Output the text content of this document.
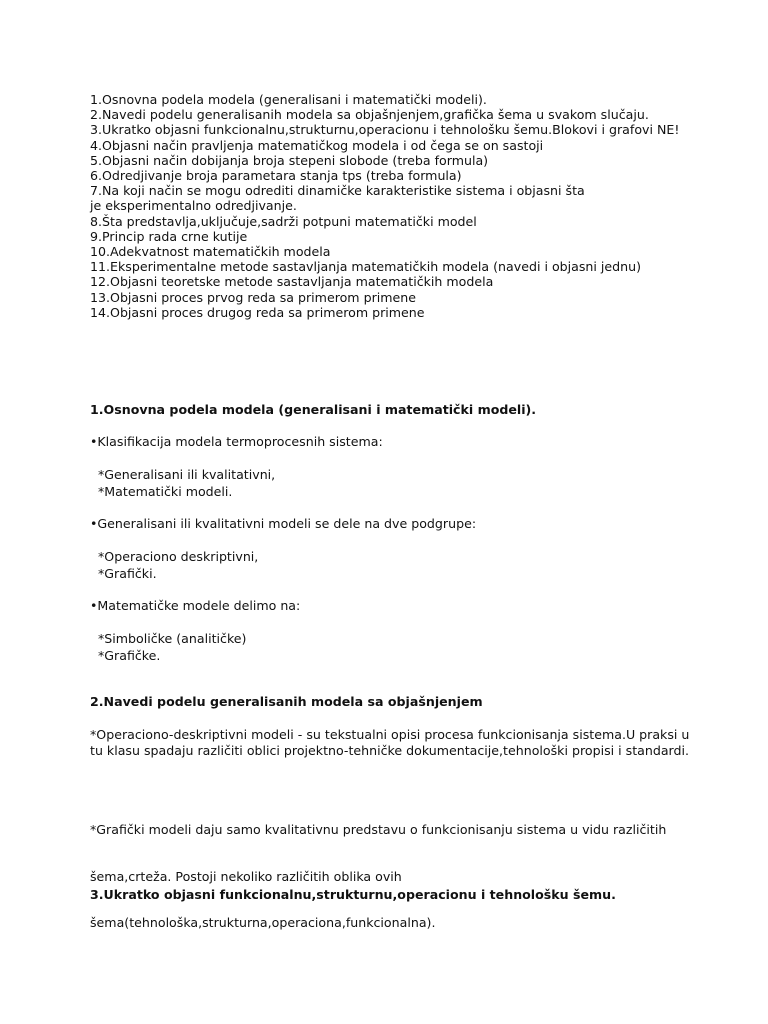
1.Osnovna podela modela (generalisani i matematički modeli).
2.Navedi podelu generalisanih modela sa objašnjenjem,grafička šema u svakom slučaju.
3.Ukratko objasni funkcionalnu,strukturnu,operacionu i tehnološku šemu.Blokovi i grafovi NE!
4.Objasni način pravljenja matematičkog modela i od čega se on sastoji
5.Objasni način dobijanja broja stepeni slobode (treba formula)
6.Odredjivanje broja parametara stanja tps (treba formula)
7.Na koji način se mogu odrediti dinamičke karakteristike sistema i objasni šta je eksperimentalno odredjivanje.
8.Šta predstavlja,uključuje,sadrži potpuni matematički model
9.Princip rada crne kutije
10.Adekvatnost matematičkih modela
11.Eksperimentalne metode sastavljanja matematičkih modela (navedi i objasni jednu)
12.Objasni teoretske metode sastavljanja matematičkih modela
13.Objasni proces prvog reda sa primerom primene
14.Objasni proces drugog reda sa primerom primene
1.Osnovna podela modela (generalisani i matematički modeli).
•Klasifikacija modela termoprocesnih sistema:
*Generalisani ili kvalitativni,
*Matematički modeli.
•Generalisani ili kvalitativni modeli se dele na dve podgrupe:
*Operaciono deskriptivni,
*Grafički.
•Matematičke modele delimo na:
*Simboličke (analitičke)
*Grafičke.
2.Navedi podelu generalisanih modela sa objašnjenjem
*Operaciono-deskriptivni modeli - su tekstualni opisi procesa funkcionisanja sistema.U praksi u tu klasu spadaju različiti oblici projektno-tehničke dokumentacije,tehnološki propisi i standardi.

*Grafički modeli daju samo kvalitativnu predstavu o funkcionisanju sistema u vidu različitih

šema,crteža. Postoji nekoliko različitih oblika ovih

šema(tehnološka,strukturna,operaciona,funkcionalna).

3.Ukratko objasni funkcionalnu,strukturnu,operacionu i tehnološku šemu.
